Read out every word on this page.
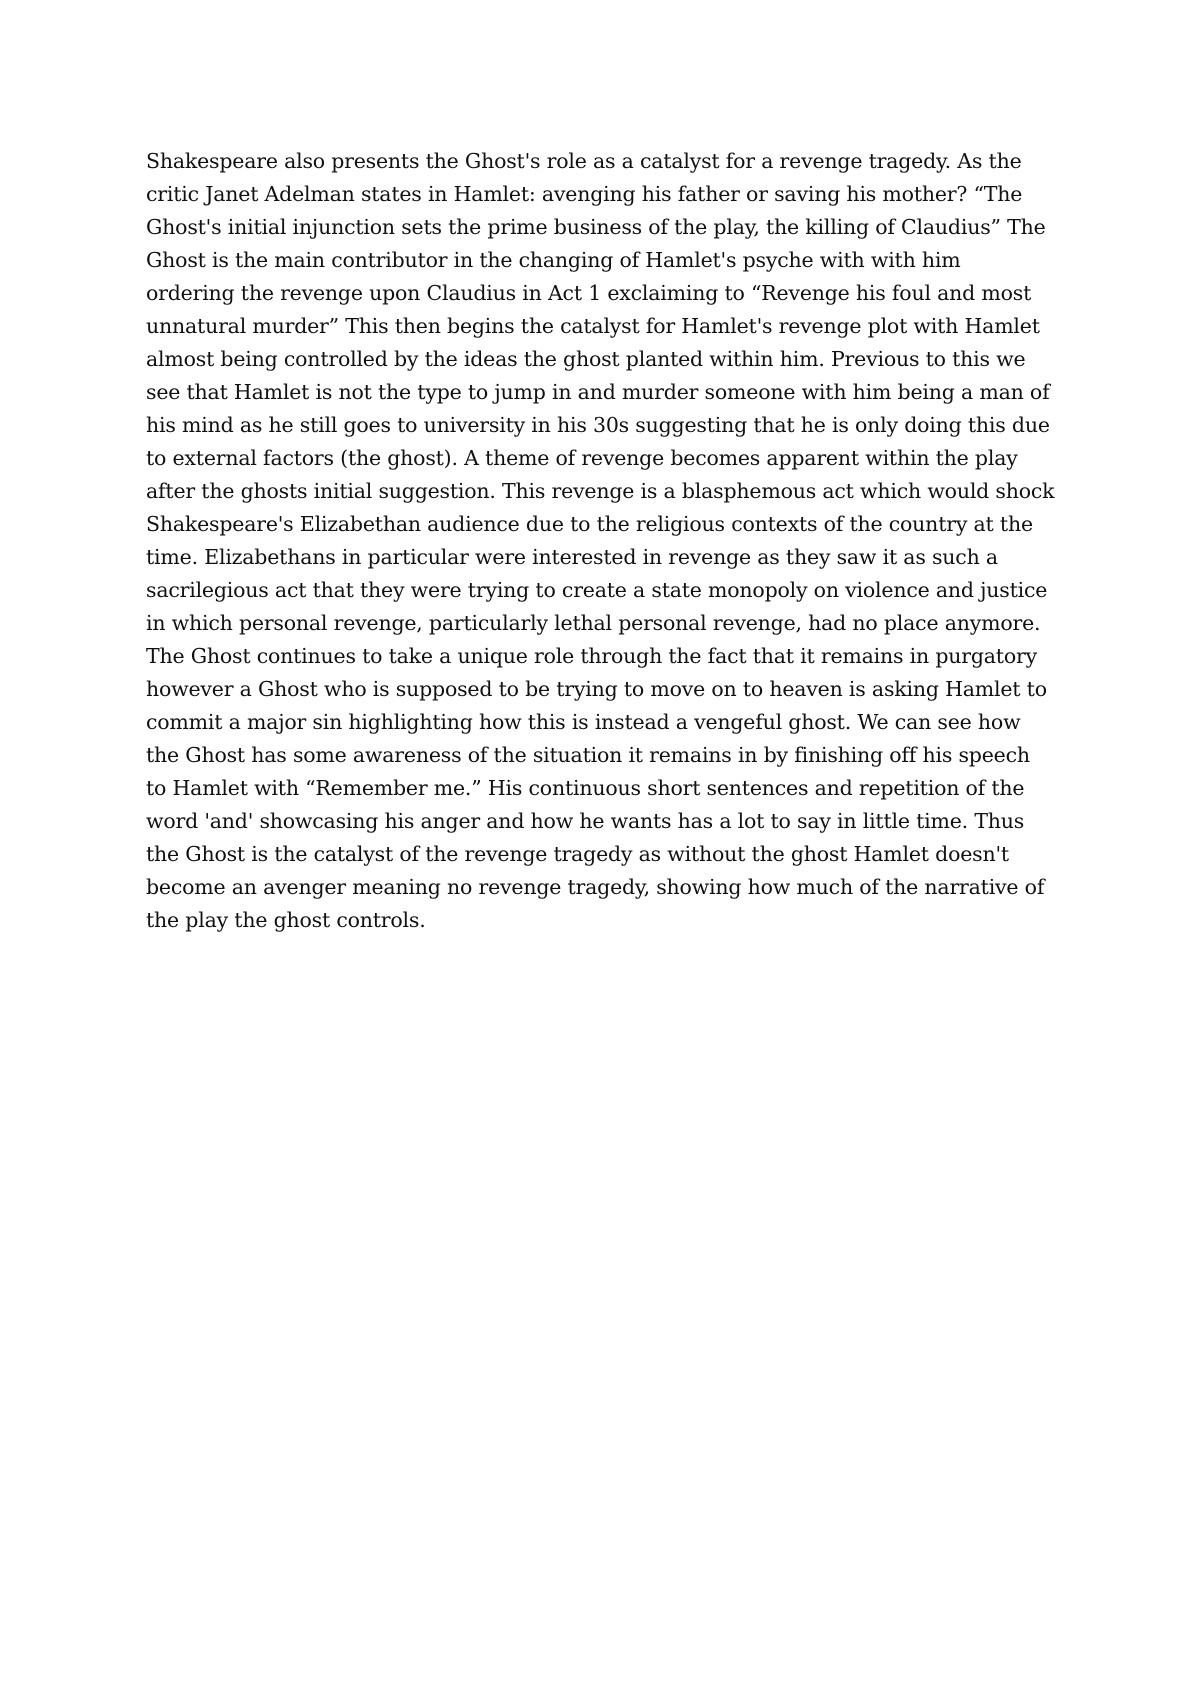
Shakespeare also presents the Ghost's role as a catalyst for a revenge tragedy. As the
critic Janet Adelman states in Hamlet: avenging his father or saving his mother? “The
Ghost's initial injunction sets the prime business of the play, the killing of Claudius” The
Ghost is the main contributor in the changing of Hamlet's psyche with with him
ordering the revenge upon Claudius in Act 1 exclaiming to “Revenge his foul and most
unnatural murder” This then begins the catalyst for Hamlet's revenge plot with Hamlet
almost being controlled by the ideas the ghost planted within him. Previous to this we
see that Hamlet is not the type to jump in and murder someone with him being a man of
his mind as he still goes to university in his 30s suggesting that he is only doing this due
to external factors (the ghost). A theme of revenge becomes apparent within the play
after the ghosts initial suggestion. This revenge is a blasphemous act which would shock
Shakespeare's Elizabethan audience due to the religious contexts of the country at the
time. Elizabethans in particular were interested in revenge as they saw it as such a
sacrilegious act that they were trying to create a state monopoly on violence and justice
in which personal revenge, particularly lethal personal revenge, had no place anymore.
The Ghost continues to take a unique role through the fact that it remains in purgatory
however a Ghost who is supposed to be trying to move on to heaven is asking Hamlet to
commit a major sin highlighting how this is instead a vengeful ghost. We can see how
the Ghost has some awareness of the situation it remains in by finishing off his speech
to Hamlet with “Remember me.” His continuous short sentences and repetition of the
word 'and' showcasing his anger and how he wants has a lot to say in little time. Thus
the Ghost is the catalyst of the revenge tragedy as without the ghost Hamlet doesn't
become an avenger meaning no revenge tragedy, showing how much of the narrative of
the play the ghost controls.
